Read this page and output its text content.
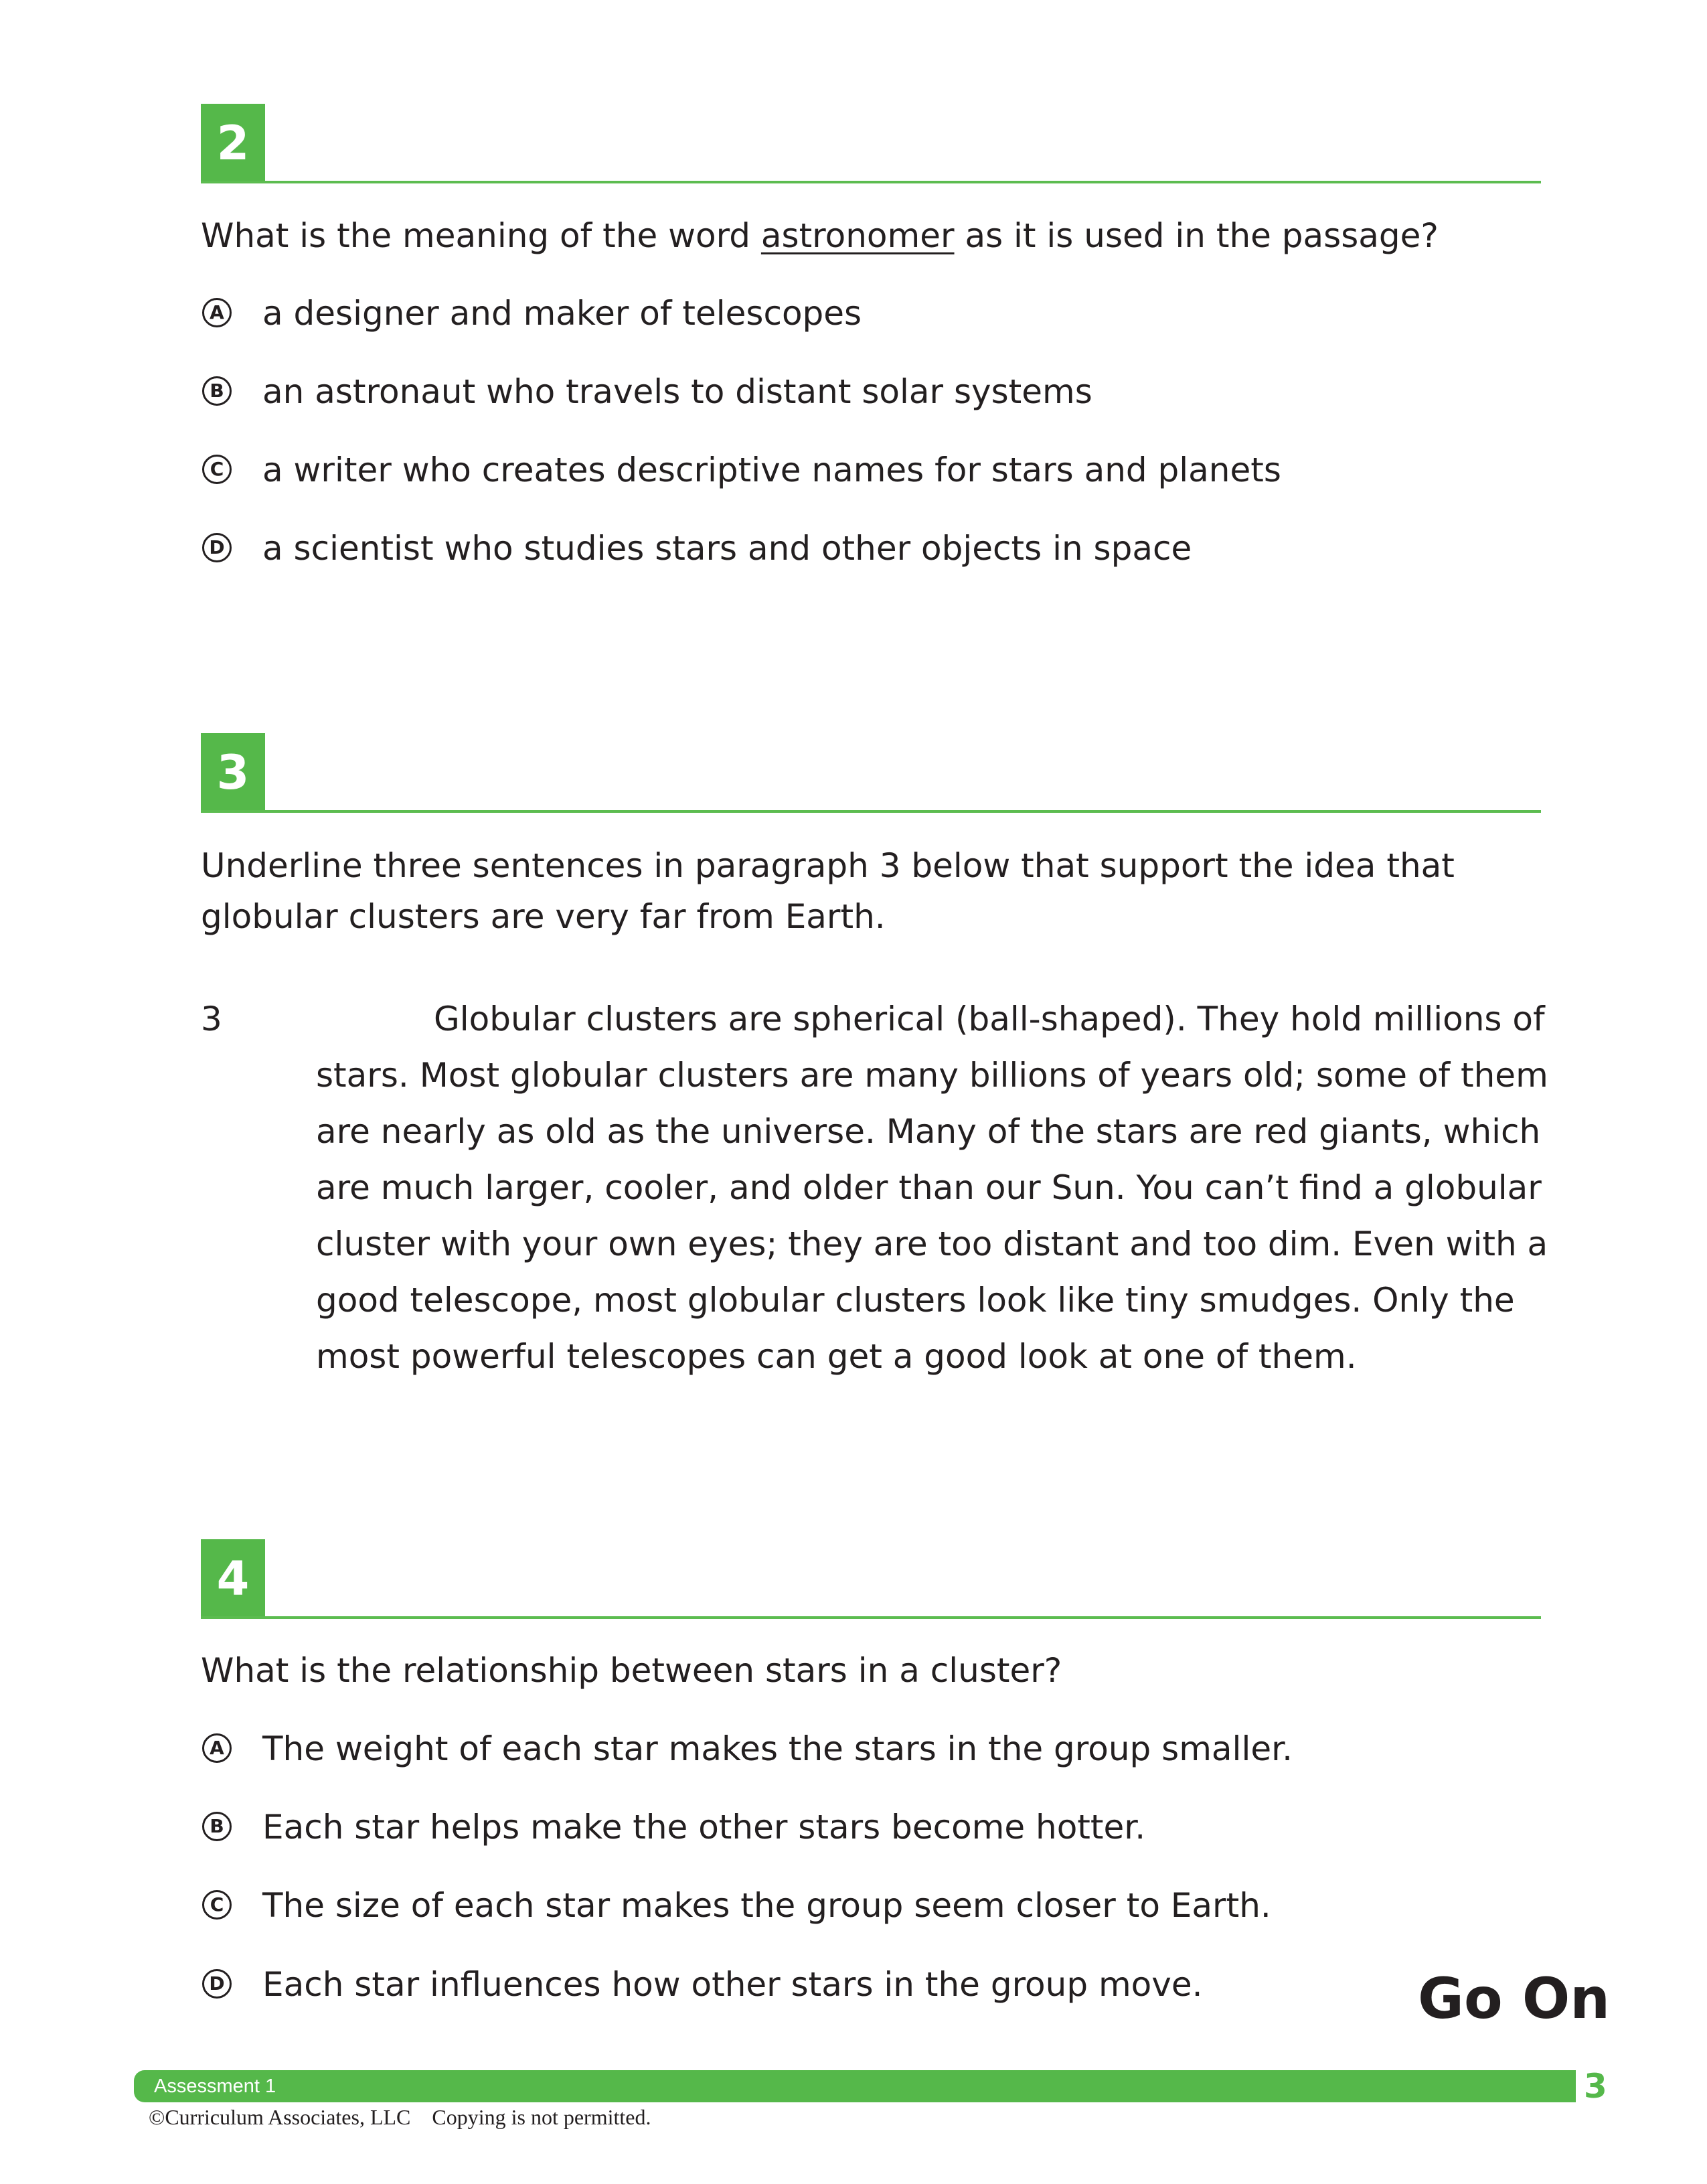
2
What is the meaning of the word astronomer as it is used in the passage?
A a designer and maker of telescopes
B an astronaut who travels to distant solar systems
C a writer who creates descriptive names for stars and planets
D a scientist who studies stars and other objects in space
3
Underline three sentences in paragraph 3 below that support the idea that
globular clusters are very far from Earth.
3	Globular clusters are spherical (ball-shaped). They hold millions of
stars. Most globular clusters are many billions of years old; some of them
are nearly as old as the universe. Many of the stars are red giants, which
are much larger, cooler, and older than our Sun. You can’t find a globular
cluster with your own eyes; they are too distant and too dim. Even with a
good telescope, most globular clusters look like tiny smudges. Only the
most powerful telescopes can get a good look at one of them.
4
What is the relationship between stars in a cluster?
A The weight of each star makes the stars in the group smaller.
B Each star helps make the other stars become hotter.
C The size of each star makes the group seem closer to Earth.
D Each star influences how other stars in the group move.	Go On
Assessment 1	3
©Curriculum Associates, LLC    Copying is not permitted.
